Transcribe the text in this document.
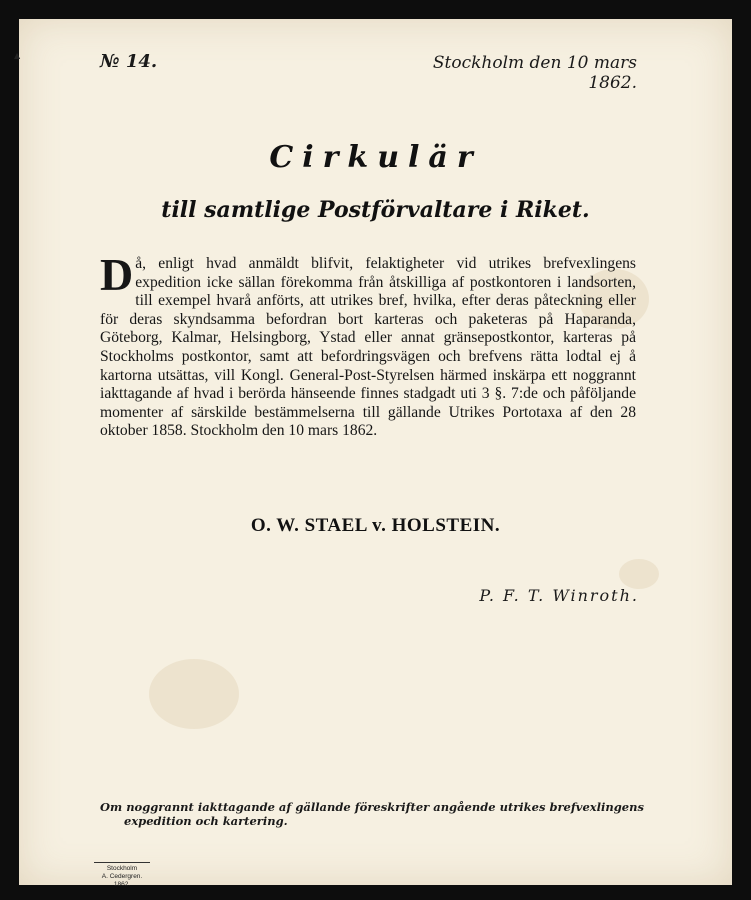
№ 14.	Stockholm den 10 mars 1862.
Cirkulär
till samtlige Postförvaltare i Riket.
Då, enligt hvad anmäldt blifvit, felaktigheter vid utrikes brefvexlingens expedition icke sällan förekomma från åtskilliga af postkontoren i landsorten, till exempel hvarå anförts, att utrikes bref, hvilka, efter deras påteckning eller för deras skyndsamma befordran bort karteras och paketeras på Haparanda, Göteborg, Kalmar, Helsingborg, Ystad eller annat gränsepostkontor, karteras på Stockholms postkontor, samt att befordringsvägen och brefvens rätta lodtal ej å kartorna utsättas, vill Kongl. General-Post-Styrelsen härmed inskärpa ett noggrannt iakttagande af hvad i berörda hänseende finnes stadgadt uti 3 §. 7:de och påföljande momenter af särskilde bestämmelserna till gällande Utrikes Portotaxa af den 28 oktober 1858. Stockholm den 10 mars 1862.
O. W. STAEL v. HOLSTEIN.
P. F. T. Winroth.
Om noggrannt iakttagande af gällande föreskrifter angående utrikes brefvexlingens
expedition och kartering.
Stockholm
A. Cedergren.
1862.
▲
